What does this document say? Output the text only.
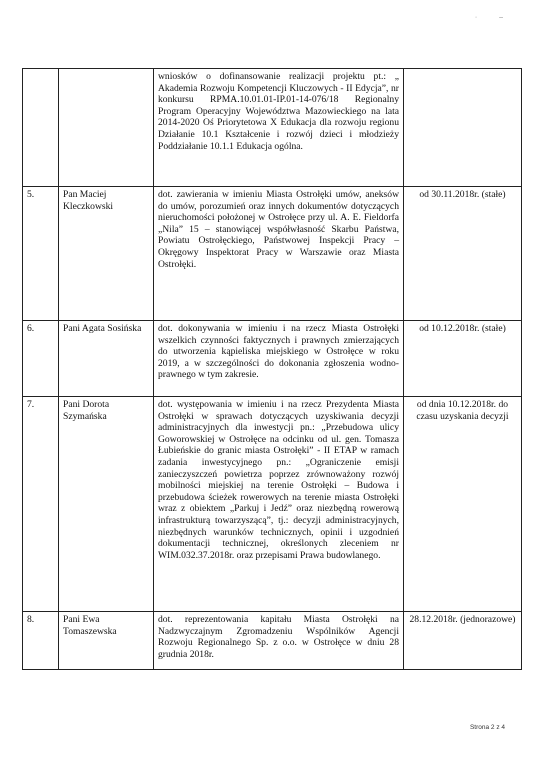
· –

		wniosków o dofinansowanie realizacji projektu pt.: „ Akademia Rozwoju Kompetencji Kluczowych - II Edycja”, nr konkursu RPMA.10.01.01-IP.01-14-076/18 Regionalny Program Operacyjny Województwa Mazowieckiego na lata 2014-2020 Oś Priorytetowa X Edukacja dla rozwoju regionu Działanie 10.1 Kształcenie i rozwój dzieci i młodzieży Poddziałanie 10.1.1 Edukacja ogólna.	

5.	Pan Maciej Kleczkowski	dot. zawierania w imieniu Miasta Ostrołęki umów, aneksów do umów, porozumień oraz innych dokumentów dotyczących nieruchomości położonej w Ostrołęce przy ul. A. E. Fieldorfa „Nila” 15 – stanowiącej współwłasność Skarbu Państwa, Powiatu Ostrołęckiego, Państwowej Inspekcji Pracy – Okręgowy Inspektorat Pracy w Warszawie oraz Miasta Ostrołęki.	od 30.11.2018r. (stałe)
6.	Pani Agata Sosińska	dot. dokonywania w imieniu i na rzecz Miasta Ostrołęki wszelkich czynności faktycznych i prawnych zmierzających do utworzenia kąpieliska miejskiego w Ostrołęce w roku 2019, a w szczególności do dokonania zgłoszenia wodno-prawnego w tym zakresie.	od 10.12.2018r. (stałe)
7.	Pani Dorota Szymańska	dot. występowania w imieniu i na rzecz Prezydenta Miasta Ostrołęki w sprawach dotyczących uzyskiwania decyzji administracyjnych dla inwestycji pn.: „Przebudowa ulicy Goworowskiej w Ostrołęce na odcinku od ul. gen. Tomasza Łubieńskie do granic miasta Ostrołęki” - II ETAP w ramach zadania inwestycyjnego pn.: „Ograniczenie emisji zanieczyszczeń powietrza poprzez zrównoważony rozwój mobilności miejskiej na terenie Ostrołęki – Budowa i przebudowa ścieżek rowerowych na terenie miasta Ostrołęki wraz z obiektem „Parkuj i Jedź” oraz niezbędną rowerową infrastrukturą towarzyszącą”, tj.: decyzji administracyjnych, niezbędnych warunków technicznych, opinii i uzgodnień dokumentacji technicznej, określonych zleceniem nr WIM.032.37.2018r. oraz przepisami Prawa budowlanego.	od dnia 10.12.2018r. do czasu uzyskania decyzji
8.	Pani Ewa Tomaszewska	dot. reprezentowania kapitału Miasta Ostrołęki na Nadzwyczajnym Zgromadzeniu Wspólników Agencji Rozwoju Regionalnego Sp. z o.o. w Ostrołęce w dniu 28 grudnia 2018r.	28.12.2018r. (jednorazowe)
Strona 2 z 4
